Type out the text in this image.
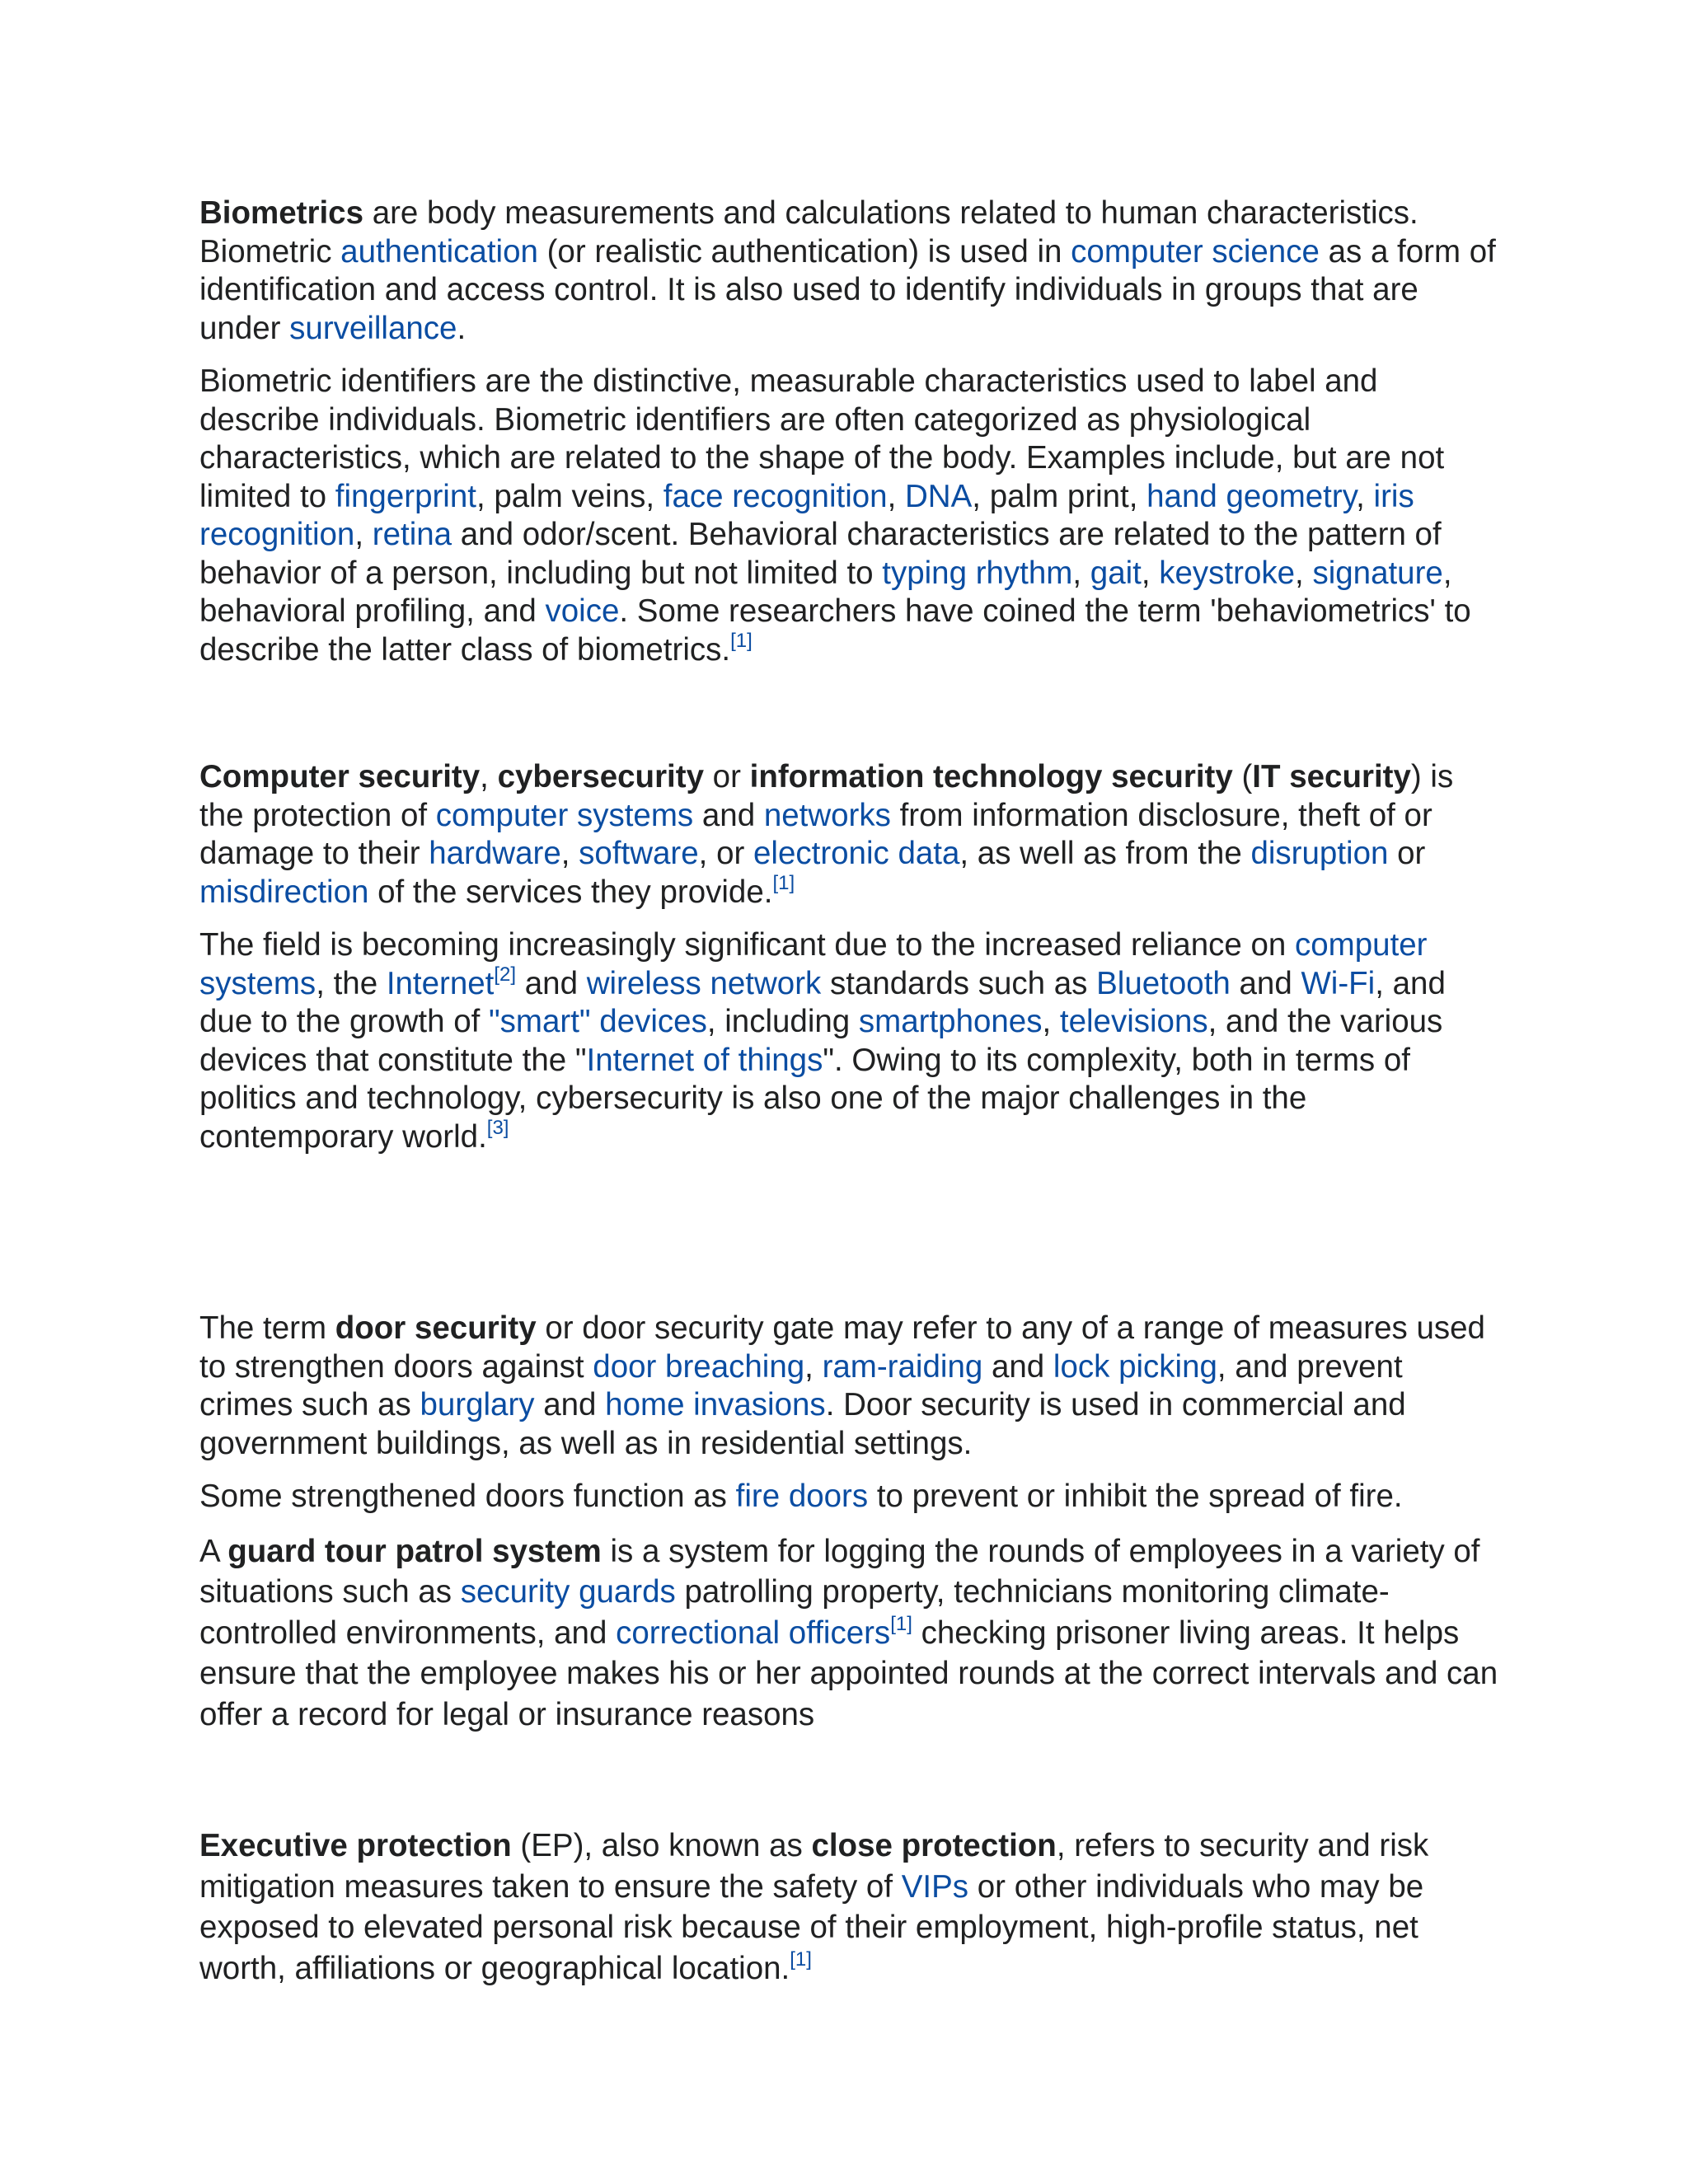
Biometrics are body measurements and calculations related to human characteristics. Biometric authentication (or realistic authentication) is used in computer science as a form of identification and access control. It is also used to identify individuals in groups that are under surveillance.

Biometric identifiers are the distinctive, measurable characteristics used to label and describe individuals. Biometric identifiers are often categorized as physiological characteristics, which are related to the shape of the body. Examples include, but are not limited to fingerprint, palm veins, face recognition, DNA, palm print, hand geometry, iris recognition, retina and odor/scent. Behavioral characteristics are related to the pattern of behavior of a person, including but not limited to typing rhythm, gait, keystroke, signature, behavioral profiling, and voice. Some researchers have coined the term 'behaviometrics' to describe the latter class of biometrics.[1]

Computer security, cybersecurity or information technology security (IT security) is the protection of computer systems and networks from information disclosure, theft of or damage to their hardware, software, or electronic data, as well as from the disruption or misdirection of the services they provide.[1]

The field is becoming increasingly significant due to the increased reliance on computer systems, the Internet[2] and wireless network standards such as Bluetooth and Wi-Fi, and due to the growth of "smart" devices, including smartphones, televisions, and the various devices that constitute the "Internet of things". Owing to its complexity, both in terms of politics and technology, cybersecurity is also one of the major challenges in the contemporary world.[3]

The term door security or door security gate may refer to any of a range of measures used to strengthen doors against door breaching, ram-raiding and lock picking, and prevent crimes such as burglary and home invasions. Door security is used in commercial and government buildings, as well as in residential settings.

Some strengthened doors function as fire doors to prevent or inhibit the spread of fire.

A guard tour patrol system is a system for logging the rounds of employees in a variety of situations such as security guards patrolling property, technicians monitoring climate-controlled environments, and correctional officers[1] checking prisoner living areas. It helps ensure that the employee makes his or her appointed rounds at the correct intervals and can offer a record for legal or insurance reasons

Executive protection (EP), also known as close protection, refers to security and risk mitigation measures taken to ensure the safety of VIPs or other individuals who may be exposed to elevated personal risk because of their employment, high-profile status, net worth, affiliations or geographical location.[1]
